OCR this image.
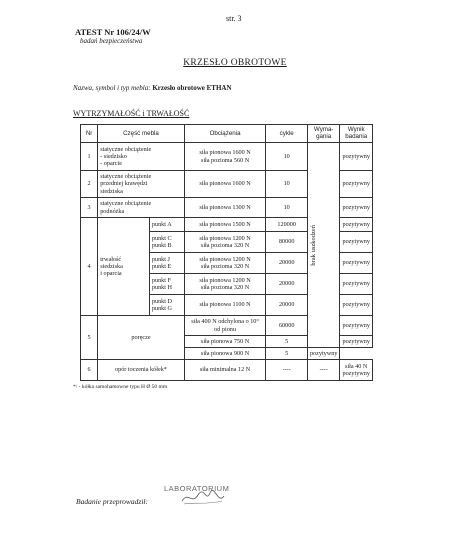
str. 3
ATEST Nr 106/24/W
badań bezpieczeństwa
KRZESŁO OBROTOWE
Nazwa, symbol i typ mebla: Krzesło obrotowe ETHAN
WYTRZYMAŁOŚĆ i TRWAŁOŚĆ
Nr	Część mebla		Obciążenia	cykle	Wyma-
gania	Wynik
badania
1	statyczne obciążenie
- siedzisko
- oparcie		siła pionowa 1600 N
siła pozioma 560 N	10	brak uszkodzeń	pozytywny
2	statyczne obciążenie
przedniej krawędzi
siedziska		siła pionowa 1600 N	10		pozytywny
3	statyczne obciążenie
podnóżka		siła pionowa 1300 N	10		pozytywny
4	trwałość
siedziska
i oparcia	punkt A	siła pionowa 1500 N	120000		pozytywny
		punkt C
punkt B	siła pionowa 1200 N
siła pozioma 320 N	80000		pozytywny
		punkt J
punkt E	siła pionowa 1200 N
siła pozioma 320 N	20000		pozytywny
		punkt F
punkt H	siła pionowa 1200 N
siła pozioma 320 N	20000		pozytywny
		punkt D
punkt G	siła pionowa 1100 N	20000		pozytywny
5	poręcze		siła 400 N odchylona o 10°
od pionu	60000		pozytywny
			siła pionowa 750 N	5		pozytywny
			siła pionowa 900 N	5	pozytywny	
6	opór toczenia kółek*		siła minimalna 12 N	----	----	siła 40 N
pozytywny
*/ - kółka samohamowne typu H Ø 50 mm
LABORATORIUM
Badanie przeprowadził:
